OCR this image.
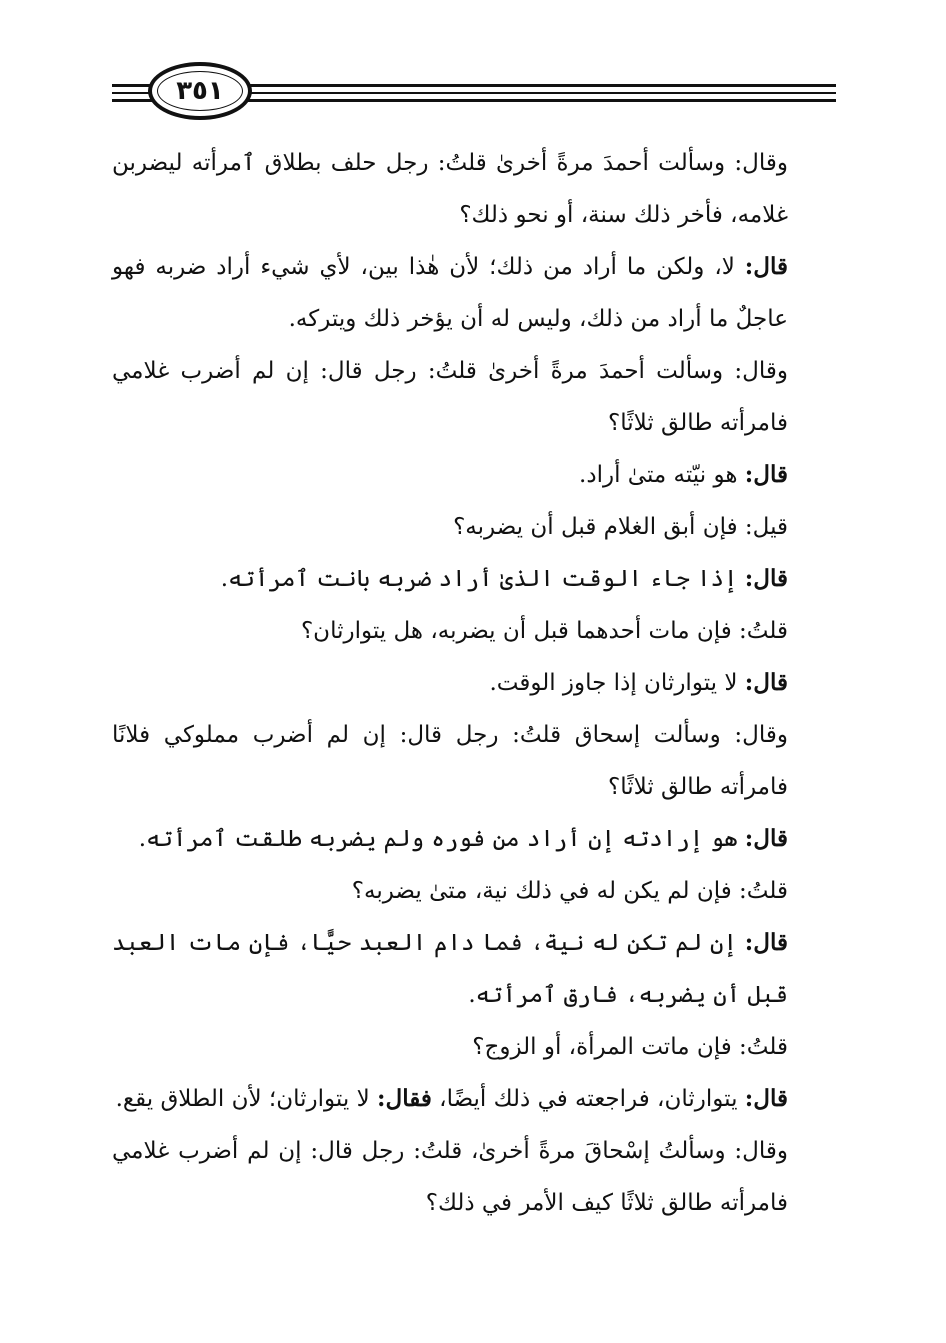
٣٥١

وقال: وسألت أحمدَ مرةً أخرىٰ قلتُ: رجل حلف بطلاق ٱمرأته ليضربن غلامه، فأخر ذلك سنة، أو نحو ذلك؟

قال: لا، ولكن ما أراد من ذلك؛ لأن هٰذا بين، لأي شيء أراد ضربه فهو عاجلٌ ما أراد من ذلك، وليس له أن يؤخر ذلك ويتركه.

وقال: وسألت أحمدَ مرةً أخرىٰ قلتُ: رجل قال: إن لم أضرب غلامي فامرأته طالق ثلاثًا؟

قال: هو نيّته متىٰ أراد.

قيل: فإن أبق الغلام قبل أن يضربه؟

قال: إذا جاء الوقت الذىٰ أراد ضربه بانت ٱمرأته.

قلتُ: فإن مات أحدهما قبل أن يضربه، هل يتوارثان؟

قال: لا يتوارثان إذا جاوز الوقت.

وقال: وسألت إسحاق قلتُ: رجل قال: إن لم أضرب مملوكي فلانًا فامرأته طالق ثلاثًا؟

قال: هو إرادته إن أراد من فوره ولم يضربه طلقت ٱمرأته.

قلتُ: فإن لم يكن له في ذلك نية، متىٰ يضربه؟

قال: إن لم تكن له نية، فما دام العبد حيًّا، فإن مات العبد قبل أن يضربه، فارق ٱمرأته.

قلتُ: فإن ماتت المرأة، أو الزوج؟

قال: يتوارثان، فراجعته في ذلك أيضًا، فقال: لا يتوارثان؛ لأن الطلاق يقع.

وقال: وسألتُ إسْحاقَ مرةً أخرىٰ، قلتُ: رجل قال: إن لم أضرب غلامي فامرأته طالق ثلاثًا كيف الأمر في ذلك؟
